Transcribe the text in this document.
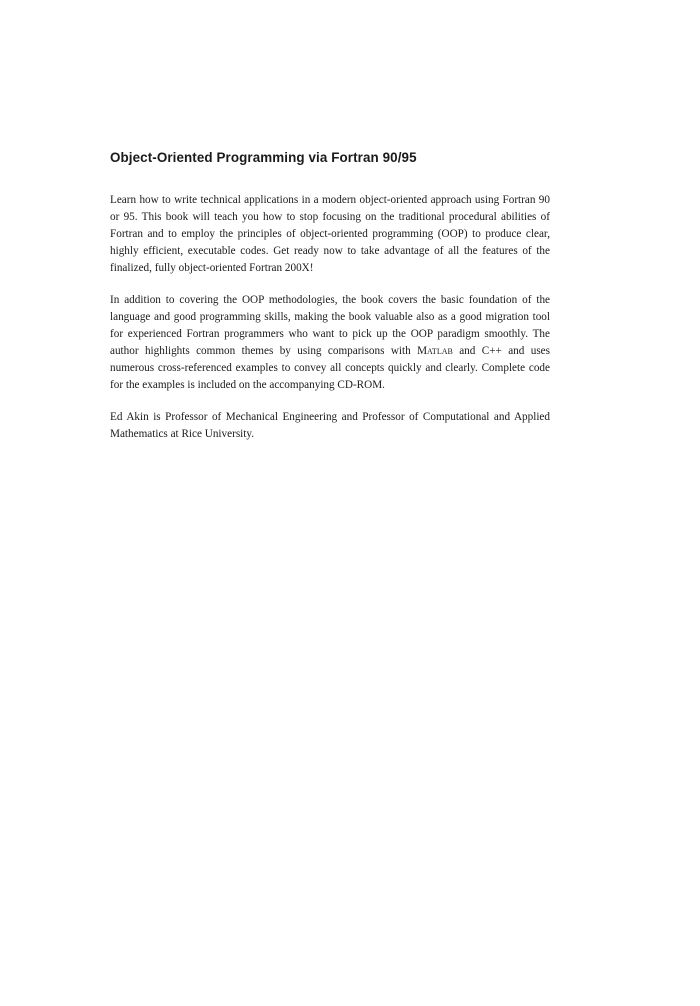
Object-Oriented Programming via Fortran 90/95

Learn how to write technical applications in a modern object-oriented approach using Fortran 90 or 95. This book will teach you how to stop focusing on the traditional procedural abilities of Fortran and to employ the principles of object-oriented programming (OOP) to produce clear, highly efficient, executable codes. Get ready now to take advantage of all the features of the finalized, fully object-oriented Fortran 200X!

In addition to covering the OOP methodologies, the book covers the basic foundation of the language and good programming skills, making the book valuable also as a good migration tool for experienced Fortran programmers who want to pick up the OOP paradigm smoothly. The author highlights common themes by using comparisons with Matlab and C++ and uses numerous cross-referenced examples to convey all concepts quickly and clearly. Complete code for the examples is included on the accompanying CD-ROM.

Ed Akin is Professor of Mechanical Engineering and Professor of Computational and Applied Mathematics at Rice University.
